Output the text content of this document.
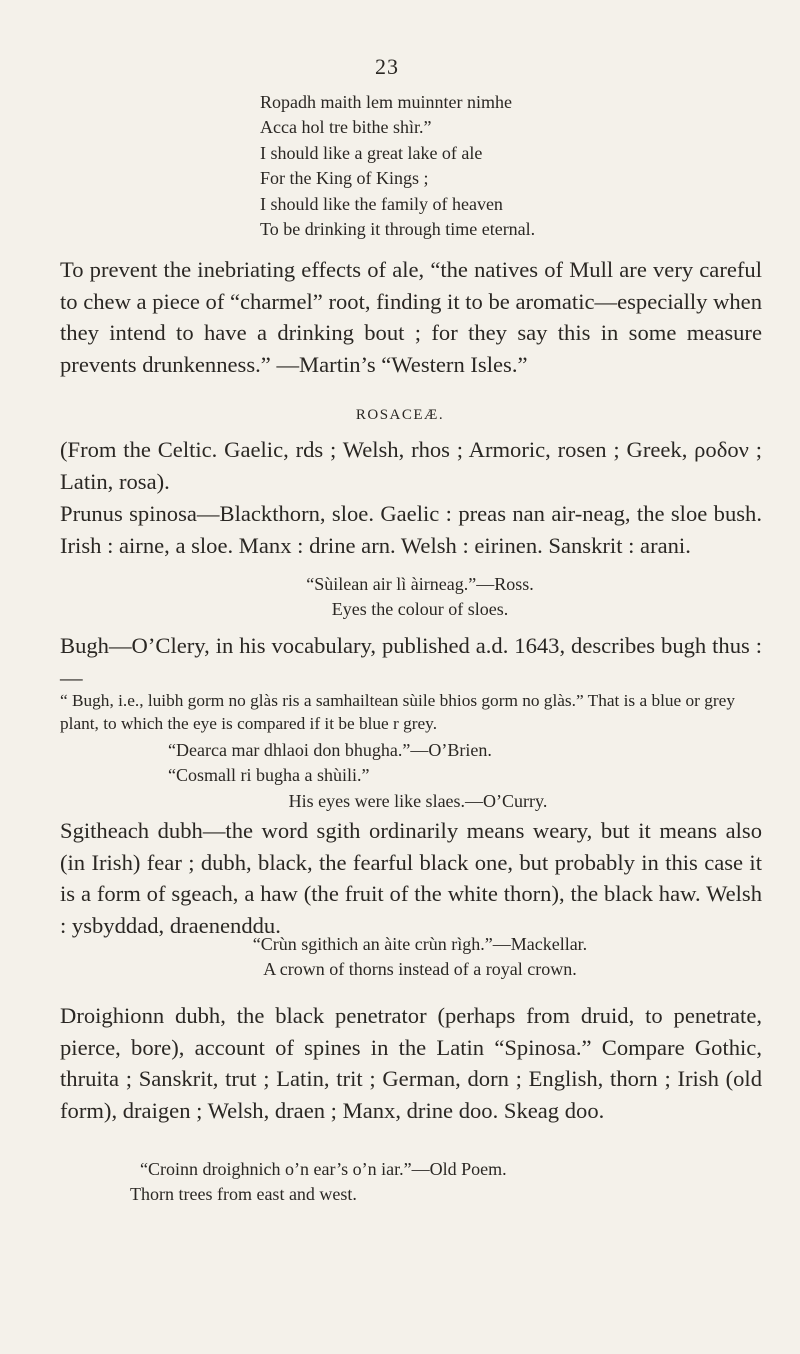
23
Ropadh maith lem muinnter nimhe
Acca hol tre bithe shìr.”
I should like a great lake of ale
For the King of Kings ;
I should like the family of heaven
To be drinking it through time eternal.

To prevent the inebriating effects of ale, “the natives of Mull are very careful to chew a piece of “charmel” root, finding it to be aromatic—especially when they intend to have a drinking bout ; for they say this in some measure prevents drunkenness.” —Martin’s “Western Isles.”

ROSACEÆ.

(From the Celtic. Gaelic, rds ; Welsh, rhos ; Armoric, rosen ; Greek, ροδον ; Latin, rosa).

Prunus spinosa—Blackthorn, sloe. Gaelic : preas nan air-neag, the sloe bush. Irish : airne, a sloe. Manx : drine arn. Welsh : eirinen. Sanskrit : arani.

“Sùilean air lì àirneag.”—Ross.
Eyes the colour of sloes.

Bugh—O’Clery, in his vocabulary, published a.d. 1643, describes bugh thus :—

“ Bugh, i.e., luibh gorm no glàs ris a samhailtean sùile bhios gorm no glàs.” That is a blue or grey plant, to which the eye is compared if it be blue r grey.

“Dearca mar dhlaoi don bhugha.”—O’Brien.
“Cosmall ri bugha a shùili.”
His eyes were like slaes.—O’Curry.

Sgitheach dubh—the word sgith ordinarily means weary, but it means also (in Irish) fear ; dubh, black, the fearful black one, but probably in this case it is a form of sgeach, a haw (the fruit of the white thorn), the black haw. Welsh : ysbyddad, draenenddu.

“Crùn sgithich an àite crùn rìgh.”—Mackellar.
A crown of thorns instead of a royal crown.

Droighionn dubh, the black penetrator (perhaps from druid, to penetrate, pierce, bore), account of spines in the Latin “Spinosa.” Compare Gothic, thruita ; Sanskrit, trut ; Latin, trit ; German, dorn ; English, thorn ; Irish (old form), draigen ; Welsh, draen ; Manx, drine doo. Skeag doo.

“Croinn droighnich o’n ear’s o’n iar.”—Old Poem.
Thorn trees from east and west.
